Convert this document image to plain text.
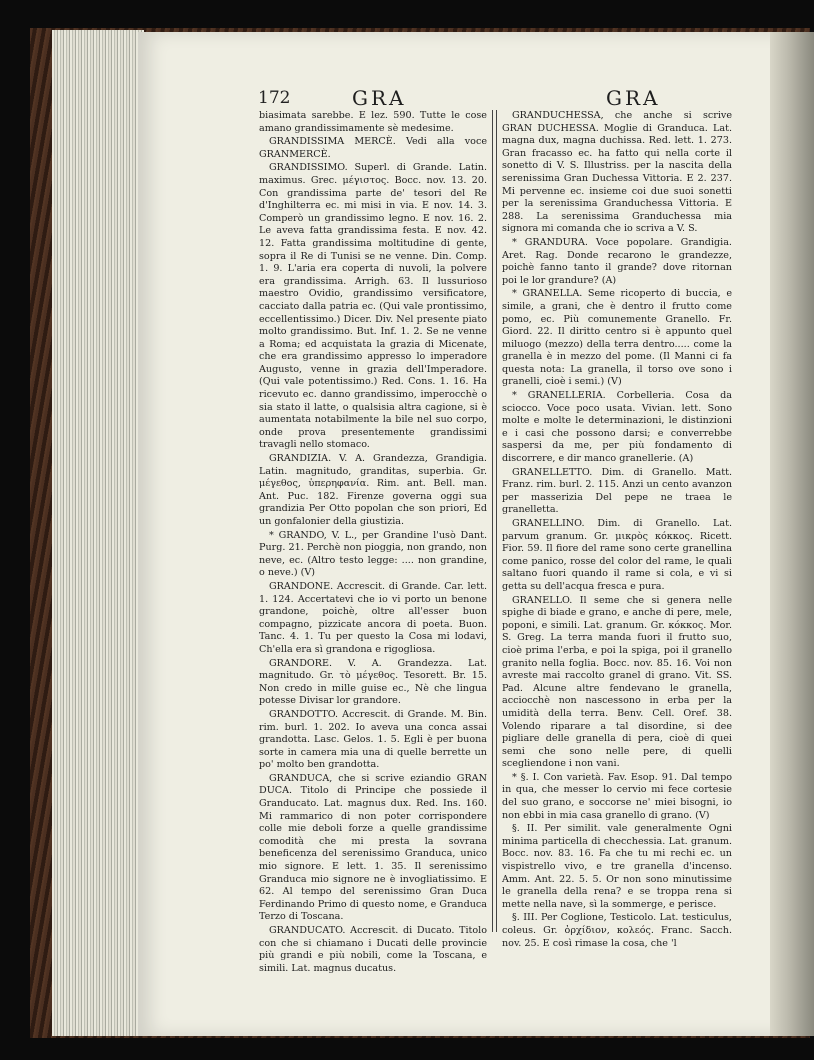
172	GRA	GRA

biasimata sarebbe. E lez. 590. Tutte le cose amano grandissimamente sè medesime.

GRANDISSIMA MERCÈ. Vedi alla voce GRANMERCÈ.

GRANDISSIMO. Superl. di Grande. Latin. maximus. Grec. μέγιστος. Bocc. nov. 13. 20. Con grandissima parte de' tesori del Re d'Inghilterra ec. mi misi in via. E nov. 14. 3. Comperò un grandissimo legno. E nov. 16. 2. Le aveva fatta grandissima festa. E nov. 42. 12. Fatta grandissima moltitudine di gente, sopra il Re di Tunisi se ne venne. Din. Comp. 1. 9. L'aria era coperta di nuvoli, la polvere era grandissima. Arrigh. 63. Il lussurioso maestro Ovidio, grandissimo versificatore, cacciato dalla patria ec. (Qui vale prontissimo, eccellentissimo.) Dicer. Div. Nel presente piato molto grandissimo. But. Inf. 1. 2. Se ne venne a Roma; ed acquistata la grazia di Micenate, che era grandissimo appresso lo imperadore Augusto, venne in grazia dell'Imperadore. (Qui vale potentissimo.) Red. Cons. 1. 16. Ha ricevuto ec. danno grandissimo, imperocchè o sia stato il latte, o qualsisia altra cagione, si è aumentata notabilmente la bile nel suo corpo, onde prova presentemente grandissimi travagli nello stomaco.

GRANDIZIA. V. A. Grandezza, Grandigia. Latin. magnitudo, granditas, superbia. Gr. μέγεθος, ὑπερηφανία. Rim. ant. Bell. man. Ant. Puc. 182. Firenze governa oggi sua grandizia Per Otto popolan che son priori, Ed un gonfalonier della giustizia.

* GRANDO, V. L., per Grandine l'usò Dant. Purg. 21. Perchè non pioggia, non grando, non neve, ec. (Altro testo legge: .... non grandine, o neve.) (V)

GRANDONE. Accrescit. di Grande. Car. lett. 1. 124. Accertatevi che io vi porto un benone grandone, poichè, oltre all'esser buon compagno, pizzicate ancora di poeta. Buon. Tanc. 4. 1. Tu per questo la Cosa mi lodavi, Ch'ella era sì grandona e rigogliosa.

GRANDORE. V. A. Grandezza. Lat. magnitudo. Gr. τὸ μέγεθος. Tesorett. Br. 15. Non credo in mille guise ec., Nè che lingua potesse Divisar lor grandore.

GRANDOTTO. Accrescit. di Grande. M. Bin. rim. burl. 1. 202. Io aveva una conca assai grandotta. Lasc. Gelos. 1. 5. Egli è per buona sorte in camera mia una di quelle berrette un po' molto ben grandotta.

GRANDUCA, che si scrive eziandio GRAN DUCA. Titolo di Principe che possiede il Granducato. Lat. magnus dux. Red. Ins. 160. Mi rammarico di non poter corrispondere colle mie deboli forze a quelle grandissime comodità che mi presta la sovrana beneficenza del serenissimo Granduca, unico mio signore. E lett. 1. 35. Il serenissimo Granduca mio signore ne è invogliatissimo. E 62. Al tempo del serenissimo Gran Duca Ferdinando Primo di questo nome, e Granduca Terzo di Toscana.

GRANDUCATO. Accrescit. di Ducato. Titolo con che si chiamano i Ducati delle provincie più grandi e più nobili, come la Toscana, e simili. Lat. magnus ducatus.

GRANDUCHESSA, che anche si scrive GRAN DUCHESSA. Moglie di Granduca. Lat. magna dux, magna duchissa. Red. lett. 1. 273. Gran fracasso ec. ha fatto qui nella corte il sonetto di V. S. Illustriss. per la nascita della serenissima Gran Duchessa Vittoria. E 2. 237. Mi pervenne ec. insieme coi due suoi sonetti per la serenissima Granduchessa Vittoria. E 288. La serenissima Granduchessa mia signora mi comanda che io scriva a V. S.

* GRANDURA. Voce popolare. Grandigia. Aret. Rag. Donde recarono le grandezze, poichè fanno tanto il grande? dove ritornan poi le lor grandure? (A)

* GRANELLA. Seme ricoperto di buccia, e simile, a grani, che è dentro il frutto come pomo, ec. Più comunemente Granello. Fr. Giord. 22. Il diritto centro si è appunto quel miluogo (mezzo) della terra dentro..... come la granella è in mezzo del pome. (Il Manni ci fa questa nota: La granella, il torso ove sono i granelli, cioè i semi.) (V)

* GRANELLERIA. Corbelleria. Cosa da sciocco. Voce poco usata. Vivian. lett. Sono molte e molte le determinazioni, le distinzioni e i casi che possono darsi; e converrebbe saspersi da me, per più fondamento di discorrere, e dir manco granellerie. (A)

GRANELLETTO. Dim. di Granello. Matt. Franz. rim. burl. 2. 115. Anzi un cento avanzon per masserizia Del pepe ne traea le granelletta.

GRANELLINO. Dim. di Granello. Lat. parvum granum. Gr. μικρὸς κόκκος. Ricett. Fior. 59. Il fiore del rame sono certe granellina come panico, rosse del color del rame, le quali saltano fuori quando il rame si cola, e vi si getta su dell'acqua fresca e pura.

GRANELLO. Il seme che si genera nelle spighe di biade e grano, e anche di pere, mele, poponi, e simili. Lat. granum. Gr. κόκκος. Mor. S. Greg. La terra manda fuori il frutto suo, cioè prima l'erba, e poi la spiga, poi il granello granito nella foglia. Bocc. nov. 85. 16. Voi non avreste mai raccolto granel di grano. Vit. SS. Pad. Alcune altre fendevano le granella, acciocchè non nascessono in erba per la umidità della terra. Benv. Cell. Oref. 38. Volendo riparare a tal disordine, si dee pigliare delle granella di pera, cioè di quei semi che sono nelle pere, di quelli scegliendone i non vani.

* §. I. Con varietà. Fav. Esop. 91. Dal tempo in qua, che messer lo cervio mi fece cortesie del suo grano, e soccorse ne' miei bisogni, io non ebbi in mia casa granello di grano. (V)

§. II. Per similit. vale generalmente Ogni minima particella di checchessia. Lat. granum. Bocc. nov. 83. 16. Fa che tu mi rechi ec. un vispistrello vivo, e tre granella d'incenso. Amm. Ant. 22. 5. 5. Or non sono minutissime le granella della rena? e se troppa rena si mette nella nave, sì la sommerge, e perisce.

§. III. Per Coglione, Testicolo. Lat. testiculus, coleus. Gr. ὀρχίδιον, κολεός. Franc. Sacch. nov. 25. E così rimase la cosa, che 'l
